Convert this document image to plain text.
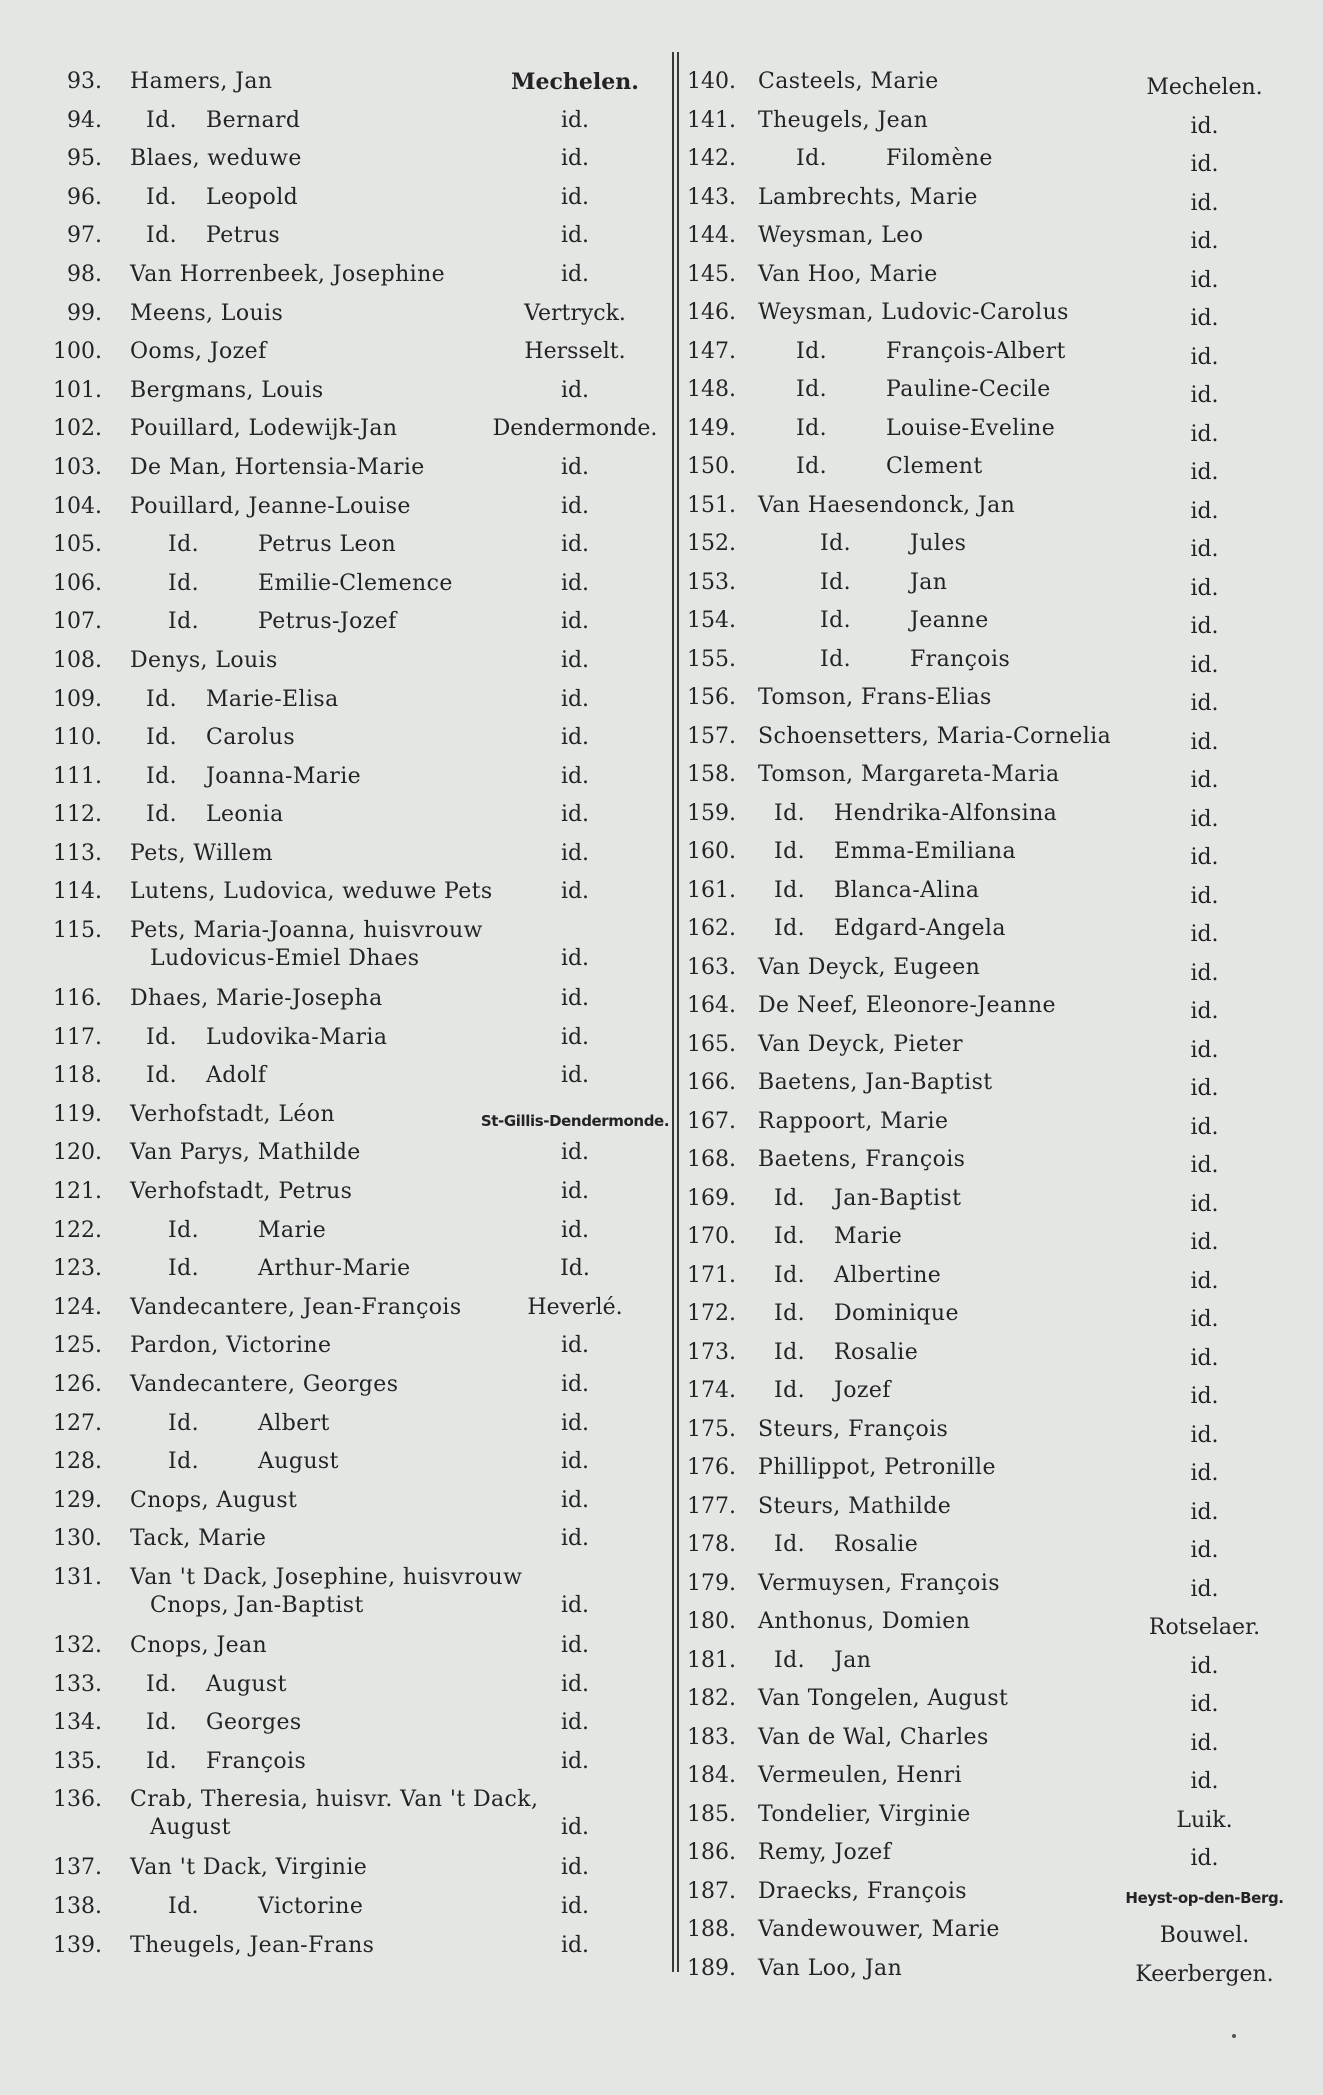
93. Hamers, Jan	Mechelen.
94.	Id. Bernard	id.
95. Blaes, weduwe	id.
96.	Id. Leopold	id.
97.	Id. Petrus	id.
98. Van Horrenbeek, Josephine	id.
99. Meens, Louis	Vertryck.
100. Ooms, Jozef	Hersselt.
101. Bergmans, Louis	id.
102. Pouillard, Lodewijk-Jan	Dendermonde.
103. De Man, Hortensia-Marie	id.
104. Pouillard, Jeanne-Louise	id.
105.	Id.	Petrus Leon	id.
106.	Id.	Emilie-Clemence	id.
107.	Id.	Petrus-Jozef	id.
108. Denys, Louis	id.
109.	Id. Marie-Elisa	id.
110.	Id. Carolus	id.
111.	Id. Joanna-Marie	id.
112.	Id. Leonia	id.
113. Pets, Willem	id.
114. Lutens, Ludovica, weduwe Pets	id.
115. Pets, Maria-Joanna, huisvrouw
Ludovicus-Emiel Dhaes	id.
116. Dhaes, Marie-Josepha	id.
117.	Id. Ludovika-Maria	id.
118.	Id. Adolf	id.
119. Verhofstadt, Léon	St-Gillis-Dendermonde.
120. Van Parys, Mathilde	id.
121. Verhofstadt, Petrus	id.
122.	Id.	Marie	id.
123.	Id.	Arthur-Marie	Id.
124. Vandecantere, Jean-François	Heverlé.
125. Pardon, Victorine	id.
126. Vandecantere, Georges	id.
127.	Id.	Albert	id.
128.	Id.	August	id.
129. Cnops, August	id.
130. Tack, Marie	id.
131. Van 't Dack, Josephine, huisvrouw
Cnops, Jan-Baptist	id.
132. Cnops, Jean	id.
133.	Id. August	id.
134.	Id. Georges	id.
135.	Id. François	id.
136. Crab, Theresia, huisvr. Van 't Dack,
August	id.
137. Van 't Dack, Virginie	id.
138.	Id.	Victorine	id.
139. Theugels, Jean-Frans	id.
140. Casteels, Marie	Mechelen.
141. Theugels, Jean	id.
142.	Id.	Filomène	id.
143. Lambrechts, Marie	id.
144. Weysman, Leo	id.
145. Van Hoo, Marie	id.
146. Weysman, Ludovic-Carolus	id.
147.	Id.	François-Albert	id.
148.	Id.	Pauline-Cecile	id.
149.	Id.	Louise-Eveline	id.
150.	Id.	Clement	id.
151. Van Haesendonck, Jan	id.
152.	Id.	Jules	id.
153.	Id.	Jan	id.
154.	Id.	Jeanne	id.
155.	Id.	François	id.
156. Tomson, Frans-Elias	id.
157. Schoensetters, Maria-Cornelia	id.
158. Tomson, Margareta-Maria	id.
159.	Id. Hendrika-Alfonsina	id.
160.	Id. Emma-Emiliana	id.
161.	Id. Blanca-Alina	id.
162.	Id. Edgard-Angela	id.
163. Van Deyck, Eugeen	id.
164. De Neef, Eleonore-Jeanne	id.
165. Van Deyck, Pieter	id.
166. Baetens, Jan-Baptist	id.
167. Rappoort, Marie	id.
168. Baetens, François	id.
169.	Id. Jan-Baptist	id.
170.	Id. Marie	id.
171.	Id. Albertine	id.
172.	Id. Dominique	id.
173.	Id. Rosalie	id.
174.	Id. Jozef	id.
175. Steurs, François	id.
176. Phillippot, Petronille	id.
177. Steurs, Mathilde	id.
178.	Id. Rosalie	id.
179. Vermuysen, François	id.
180. Anthonus, Domien	Rotselaer.
181.	Id. Jan	id.
182. Van Tongelen, August	id.
183. Van de Wal, Charles	id.
184. Vermeulen, Henri	id.
185. Tondelier, Virginie	Luik.
186. Remy, Jozef	id.
187. Draecks, François	Heyst-op-den-Berg.
188. Vandewouwer, Marie	Bouwel.
189. Van Loo, Jan	Keerbergen.
